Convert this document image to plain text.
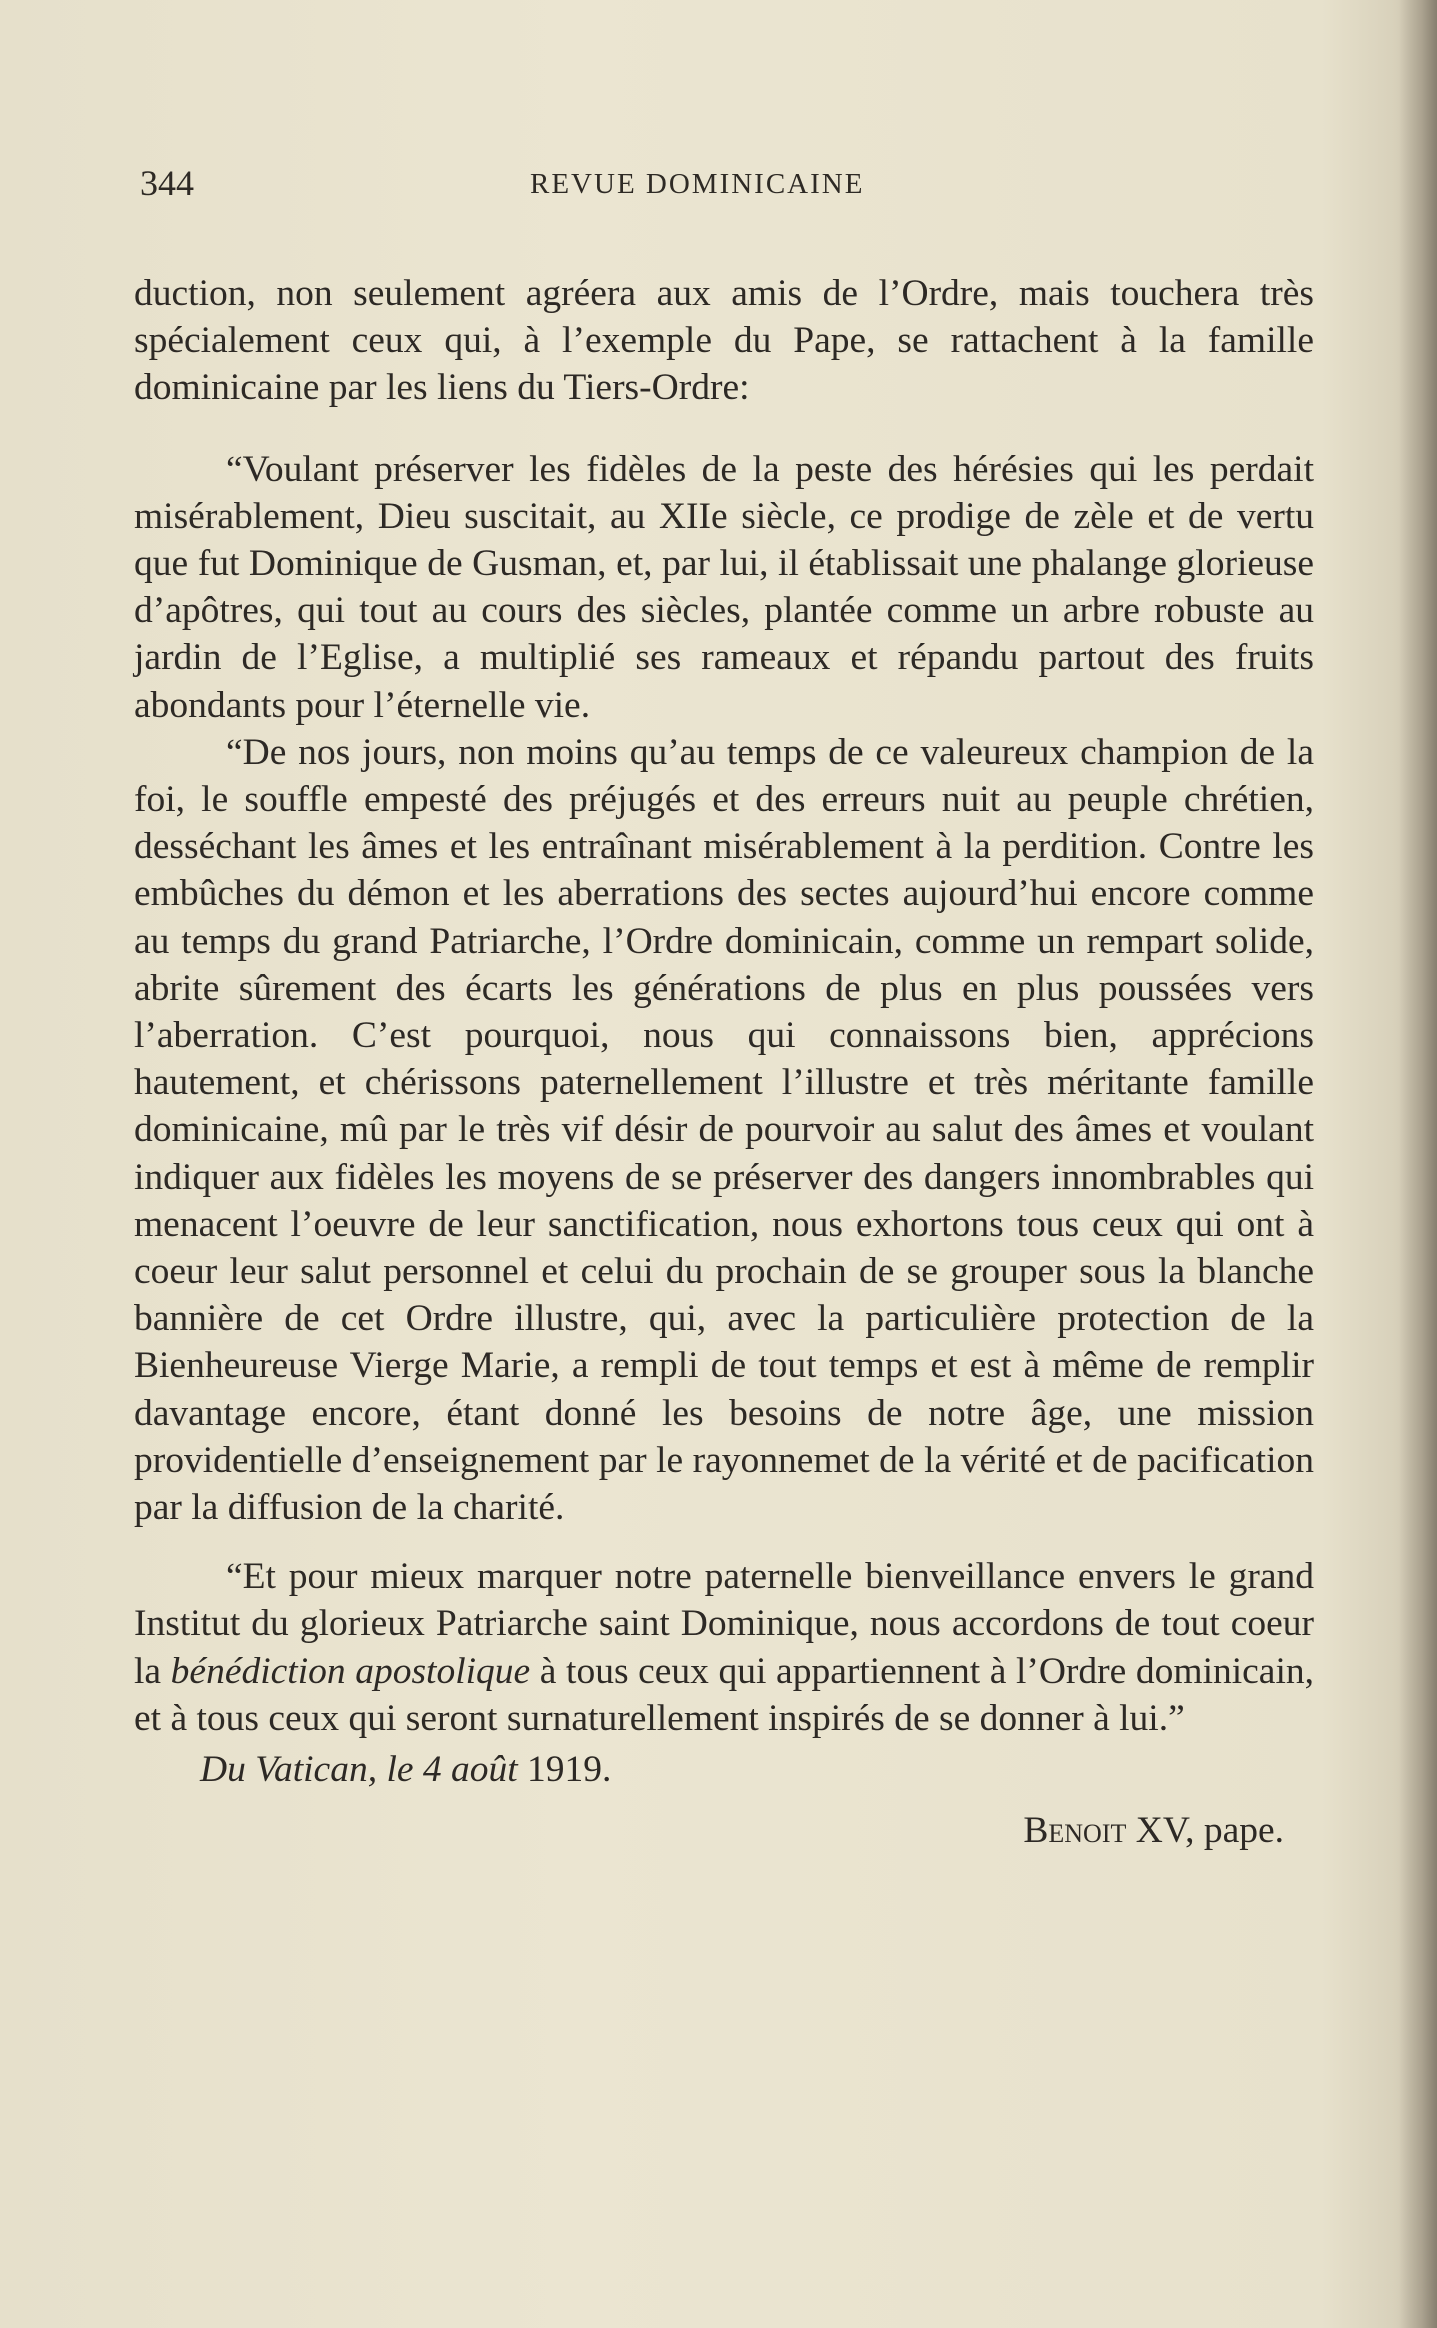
344	REVUE DOMINICAINE

duction, non seulement agréera aux amis de l’Ordre, mais touchera très spécialement ceux qui, à l’exemple du Pape, se rattachent à la famille dominicaine par les liens du Tiers-Ordre:

“Voulant préserver les fidèles de la peste des hérésies qui les perdait misérablement, Dieu suscitait, au XIIe siècle, ce prodige de zèle et de vertu que fut Dominique de Gusman, et, par lui, il établissait une phalange glorieuse d’apôtres, qui tout au cours des siècles, plantée comme un arbre robuste au jardin de l’Eglise, a multiplié ses rameaux et répandu partout des fruits abondants pour l’éternelle vie.

“De nos jours, non moins qu’au temps de ce valeureux champion de la foi, le souffle empesté des préjugés et des erreurs nuit au peuple chrétien, desséchant les âmes et les entraînant misérablement à la perdition. Contre les embûches du démon et les aberrations des sectes aujourd’hui encore comme au temps du grand Patriarche, l’Ordre dominicain, comme un rempart solide, abrite sûrement des écarts les générations de plus en plus poussées vers l’aberration. C’est pourquoi, nous qui connaissons bien, apprécions hautement, et chérissons paternellement l’illustre et très méritante famille dominicaine, mû par le très vif désir de pourvoir au salut des âmes et voulant indiquer aux fidèles les moyens de se préserver des dangers innombrables qui menacent l’oeuvre de leur sanctification, nous exhortons tous ceux qui ont à coeur leur salut personnel et celui du prochain de se grouper sous la blanche bannière de cet Ordre illustre, qui, avec la particulière protection de la Bienheureuse Vierge Marie, a rempli de tout temps et est à même de remplir davantage encore, étant donné les besoins de notre âge, une mission providentielle d’enseignement par le rayonnemet de la vérité et de pacification par la diffusion de la charité.

“Et pour mieux marquer notre paternelle bienveillance envers le grand Institut du glorieux Patriarche saint Dominique, nous accordons de tout coeur la bénédiction apostolique à tous ceux qui appartiennent à l’Ordre dominicain, et à tous ceux qui seront surnaturellement inspirés de se donner à lui.”

Du Vatican, le 4 août 1919.

Benoit XV, pape.
